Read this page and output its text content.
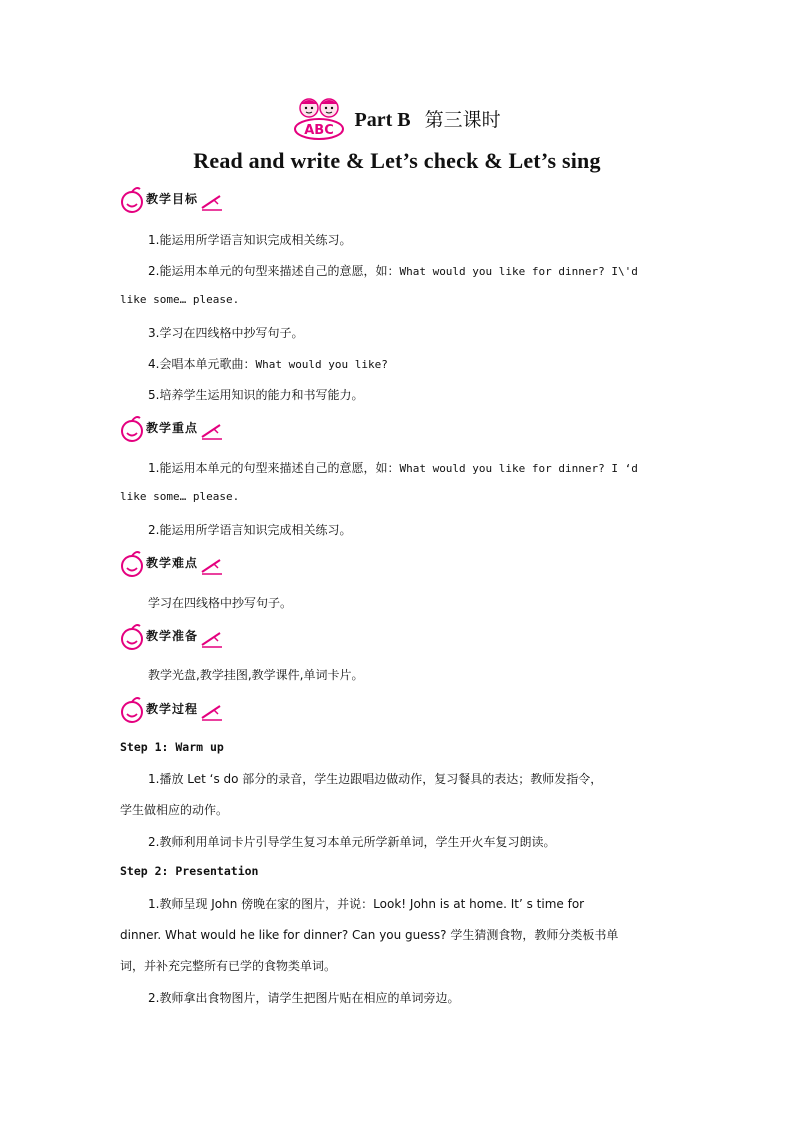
ABC Part B 第三课时
Read and write & Let’s check & Let’s sing
教学目标
1.能运用所学语言知识完成相关练习。
2.能运用本单元的句型来描述自己的意愿，如：What would you like for dinner? I\'d
like some… please.
3.学习在四线格中抄写句子。
4.会唱本单元歌曲：What would you like?
5.培养学生运用知识的能力和书写能力。
教学重点
1.能运用本单元的句型来描述自己的意愿，如：What would you like for dinner? I ‘d
like some… please.
2.能运用所学语言知识完成相关练习。
教学难点
学习在四线格中抄写句子。
教学准备
教学光盘,教学挂图,教学课件,单词卡片。
教学过程
Step 1: Warm up
1.播放 Let ‘s do 部分的录音，学生边跟唱边做动作，复习餐具的表达；教师发指令，
学生做相应的动作。
2.教师利用单词卡片引导学生复习本单元所学新单词，学生开火车复习朗读。
Step 2: Presentation
1.教师呈现 John 傍晚在家的图片，并说：Look! John is at home. It’ s time for
dinner. What would he like for dinner? Can you guess? 学生猜测食物，教师分类板书单
词，并补充完整所有已学的食物类单词。
2.教师拿出食物图片，请学生把图片贴在相应的单词旁边。
